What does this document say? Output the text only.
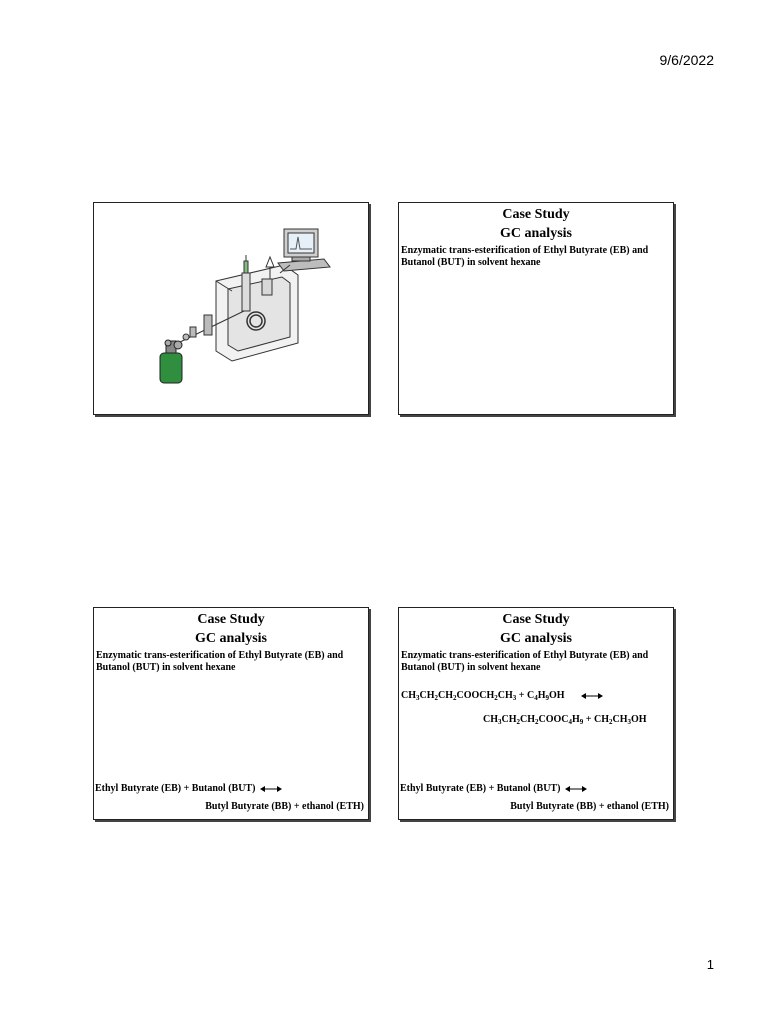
9/6/2022
Case Study
GC analysis
Enzymatic trans-esterification of Ethyl Butyrate (EB) and Butanol (BUT) in solvent hexane
Case Study
GC analysis
Enzymatic trans-esterification of Ethyl Butyrate (EB) and Butanol (BUT) in solvent hexane
Ethyl Butyrate (EB) + Butanol (BUT)
Butyl Butyrate (BB) + ethanol (ETH)
Case Study
GC analysis
Enzymatic trans-esterification of Ethyl Butyrate (EB) and Butanol (BUT) in solvent hexane
$CH_3CH_2CH_2COOCH_2CH_3 + C_4H_9OH$
$CH_3CH_2CH_2COOC_4H_9 + CH_2CH_3OH$
Ethyl Butyrate (EB) + Butanol (BUT)
Butyl Butyrate (BB) + ethanol (ETH)
1
